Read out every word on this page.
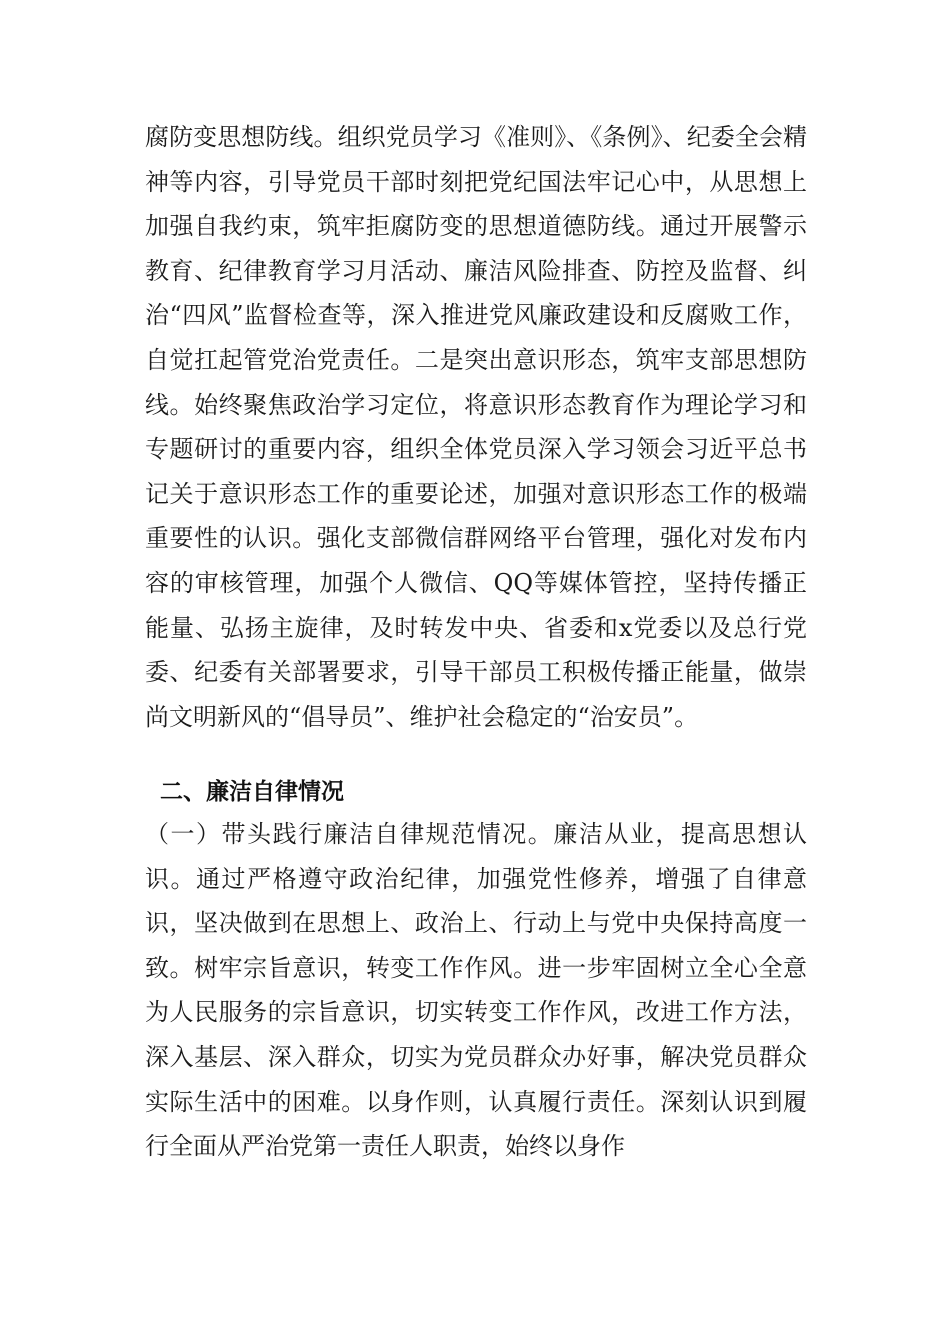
腐防变思想防线。组织党员学习《准则》、《条例》、纪委全会精神等内容，引导党员干部时刻把党纪国法牢记心中，从思想上加强自我约束，筑牢拒腐防变的思想道德防线。通过开展警示教育、纪律教育学习月活动、廉洁风险排查、防控及监督、纠治“四风”监督检查等，深入推进党风廉政建设和反腐败工作，自觉扛起管党治党责任。二是突出意识形态，筑牢支部思想防线。始终聚焦政治学习定位，将意识形态教育作为理论学习和专题研讨的重要内容，组织全体党员深入学习领会习近平总书记关于意识形态工作的重要论述，加强对意识形态工作的极端重要性的认识。强化支部微信群网络平台管理，强化对发布内容的审核管理，加强个人微信、QQ等媒体管控，坚持传播正能量、弘扬主旋律，及时转发中央、省委和x党委以及总行党委、纪委有关部署要求，引导干部员工积极传播正能量，做崇尚文明新风的“倡导员”、维护社会稳定的“治安员”。

二、廉洁自律情况

（一）带头践行廉洁自律规范情况。廉洁从业，提高思想认识。通过严格遵守政治纪律，加强党性修养，增强了自律意识，坚决做到在思想上、政治上、行动上与党中央保持高度一致。树牢宗旨意识，转变工作作风。进一步牢固树立全心全意为人民服务的宗旨意识，切实转变工作作风，改进工作方法，深入基层、深入群众，切实为党员群众办好事，解决党员群众实际生活中的困难。以身作则，认真履行责任。深刻认识到履行全面从严治党第一责任人职责，始终以身作
